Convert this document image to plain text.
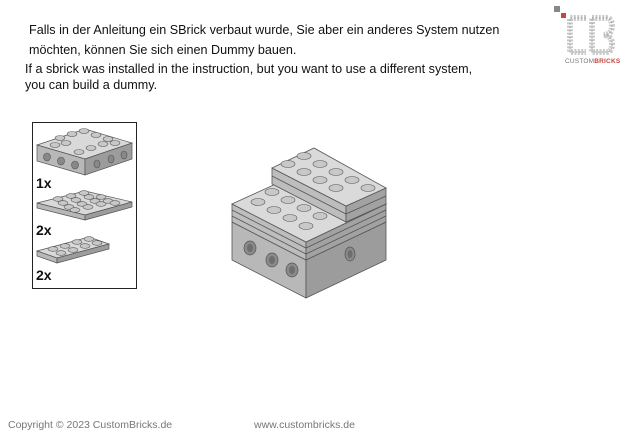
Falls in der Anleitung ein SBrick verbaut wurde, Sie aber ein anderes System nutzen
möchten, können Sie sich einen Dummy bauen.
If a sbrick was installed in the instruction, but you want to use a different system,
you can build a dummy.
CUSTOMBRICKS
1x
2x
2x
Copyright © 2023 CustomBricks.de	www.custombricks.de
